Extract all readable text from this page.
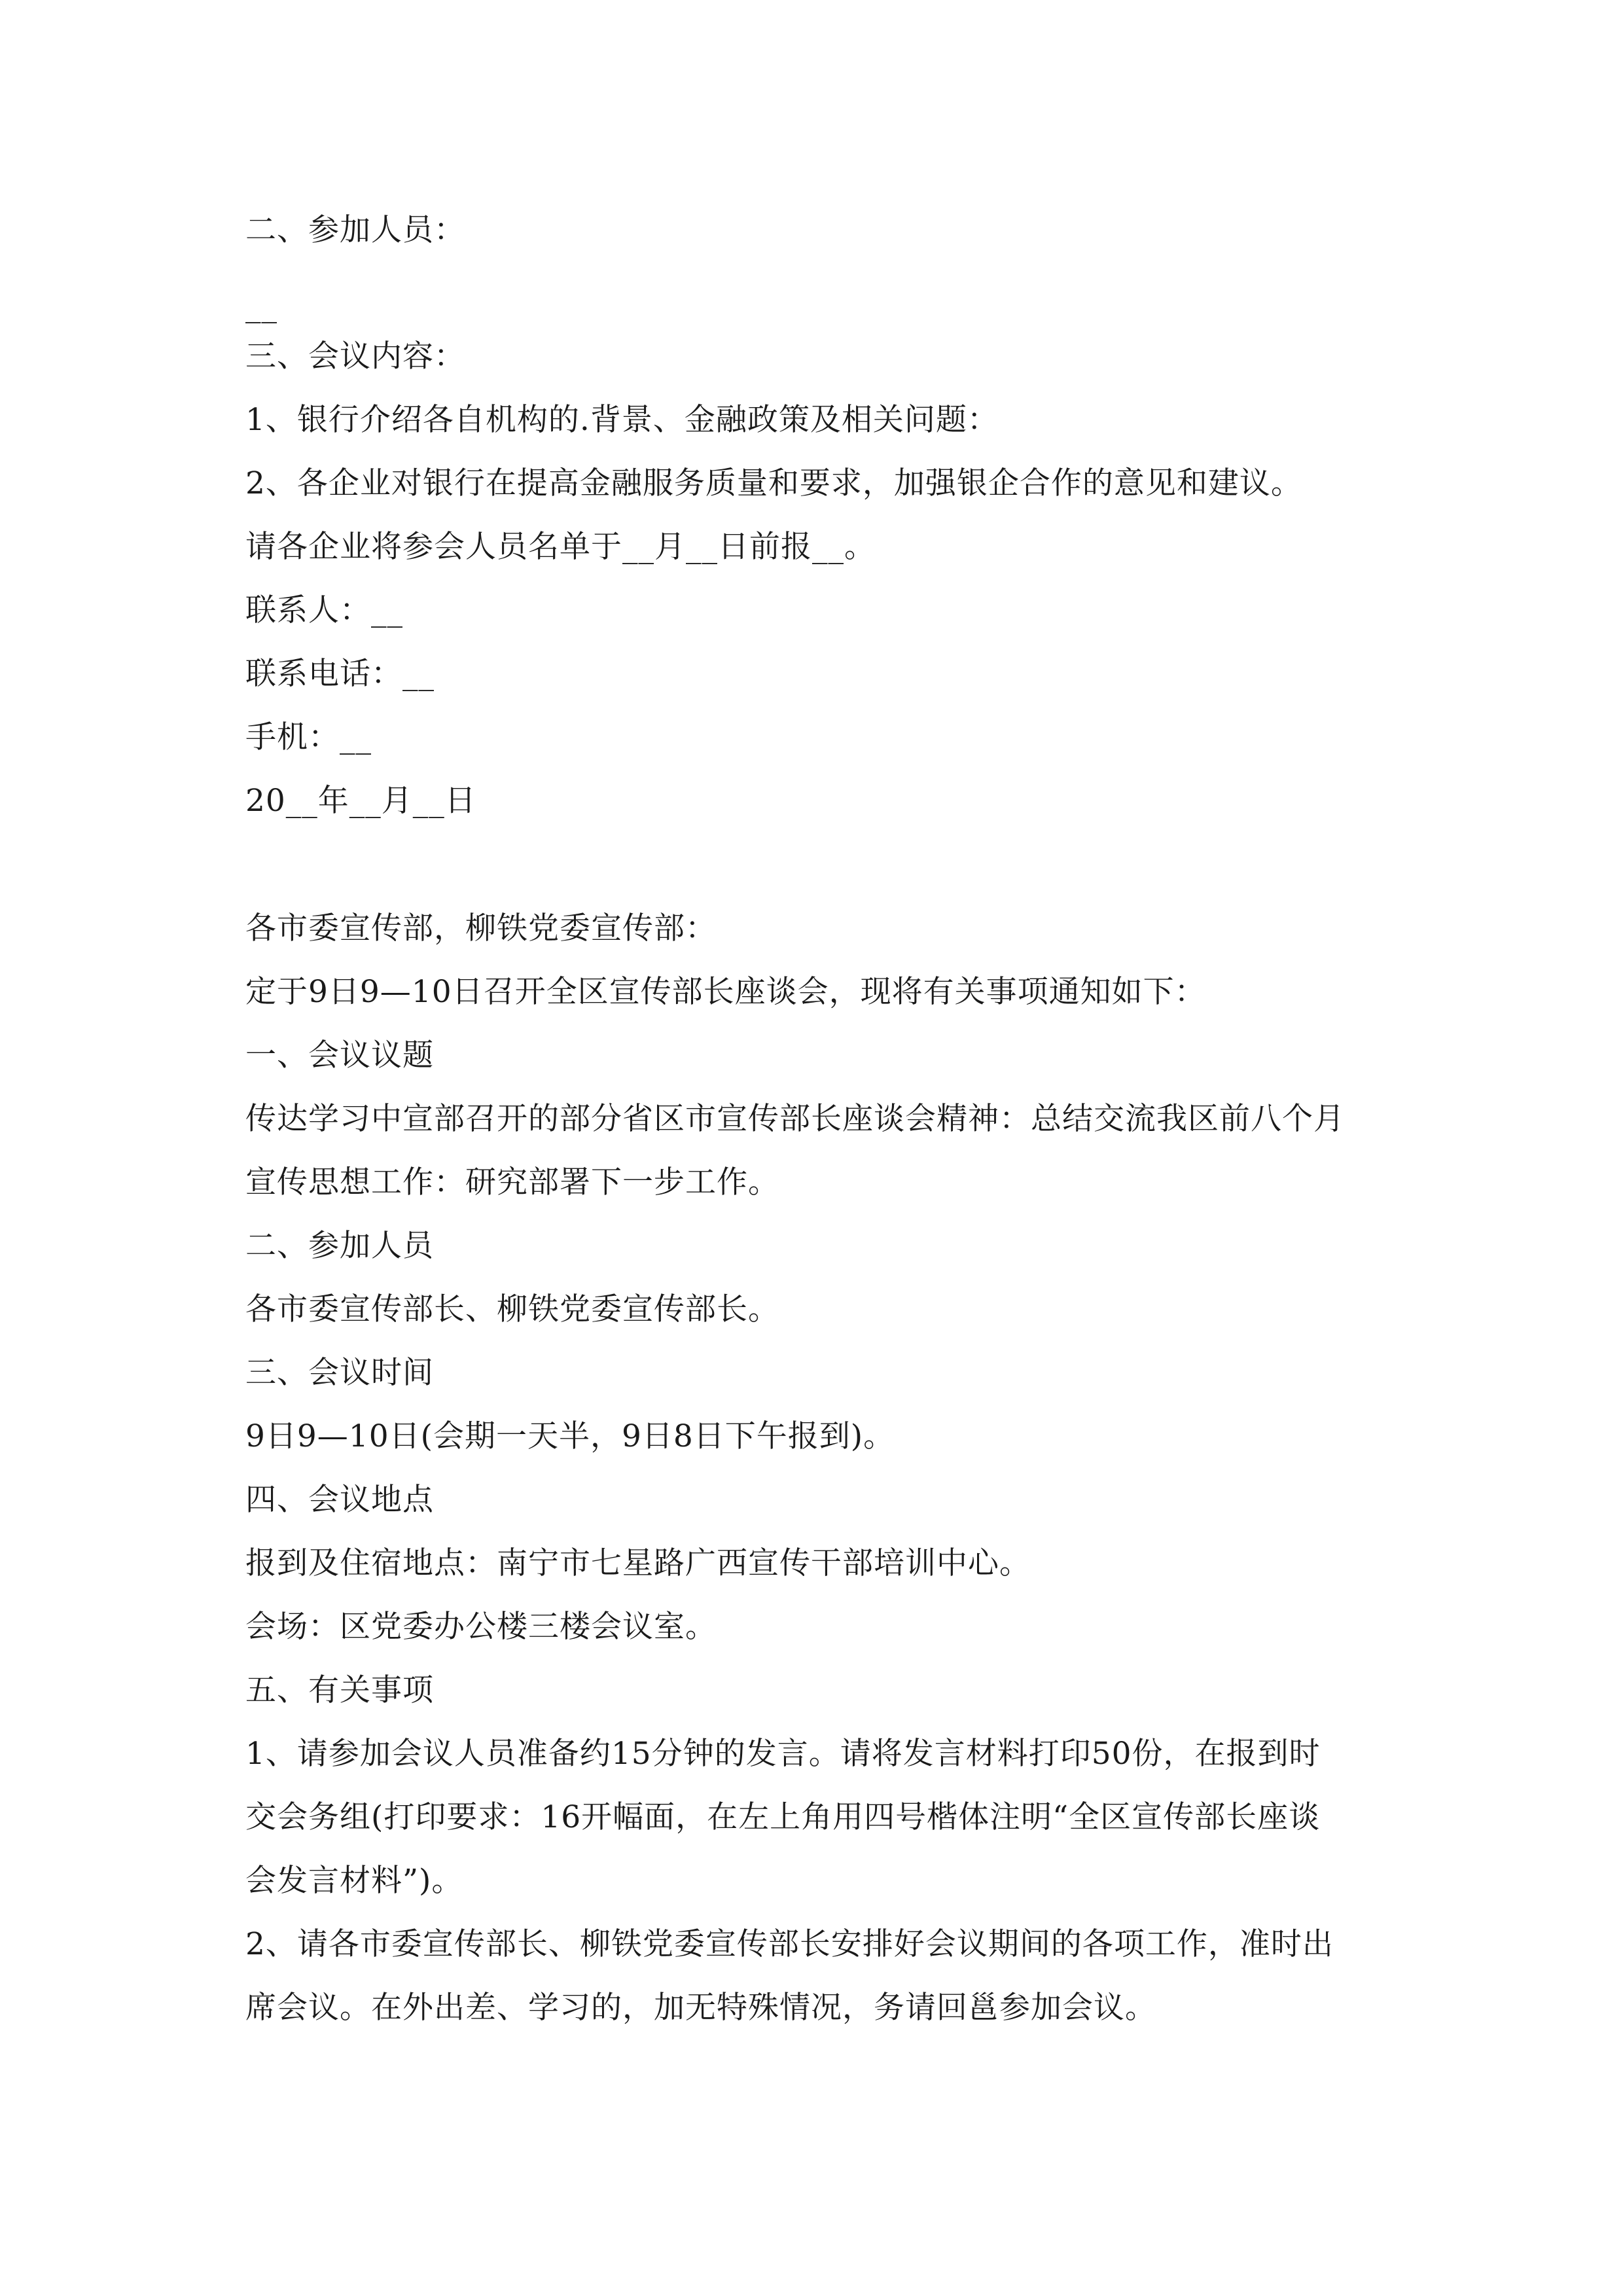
二、参加人员：
__
三、会议内容：
1、银行介绍各自机构的.背景、金融政策及相关问题：
2、各企业对银行在提高金融服务质量和要求，加强银企合作的意见和建议。
请各企业将参会人员名单于__月__日前报__。
联系人：__
联系电话：__
手机：__
20__年__月__日
各市委宣传部，柳铁党委宣传部：
定于9日9—10日召开全区宣传部长座谈会，现将有关事项通知如下：
一、会议议题
传达学习中宣部召开的部分省区市宣传部长座谈会精神：总结交流我区前八个月
宣传思想工作：研究部署下一步工作。
二、参加人员
各市委宣传部长、柳铁党委宣传部长。
三、会议时间
9日9—10日(会期一天半，9日8日下午报到)。
四、会议地点
报到及住宿地点：南宁市七星路广西宣传干部培训中心。
会场：区党委办公楼三楼会议室。
五、有关事项
1、请参加会议人员准备约15分钟的发言。请将发言材料打印50份，在报到时
交会务组(打印要求：16开幅面，在左上角用四号楷体注明“全区宣传部长座谈
会发言材料”)。
2、请各市委宣传部长、柳铁党委宣传部长安排好会议期间的各项工作，准时出
席会议。在外出差、学习的，加无特殊情况，务请回邕参加会议。
